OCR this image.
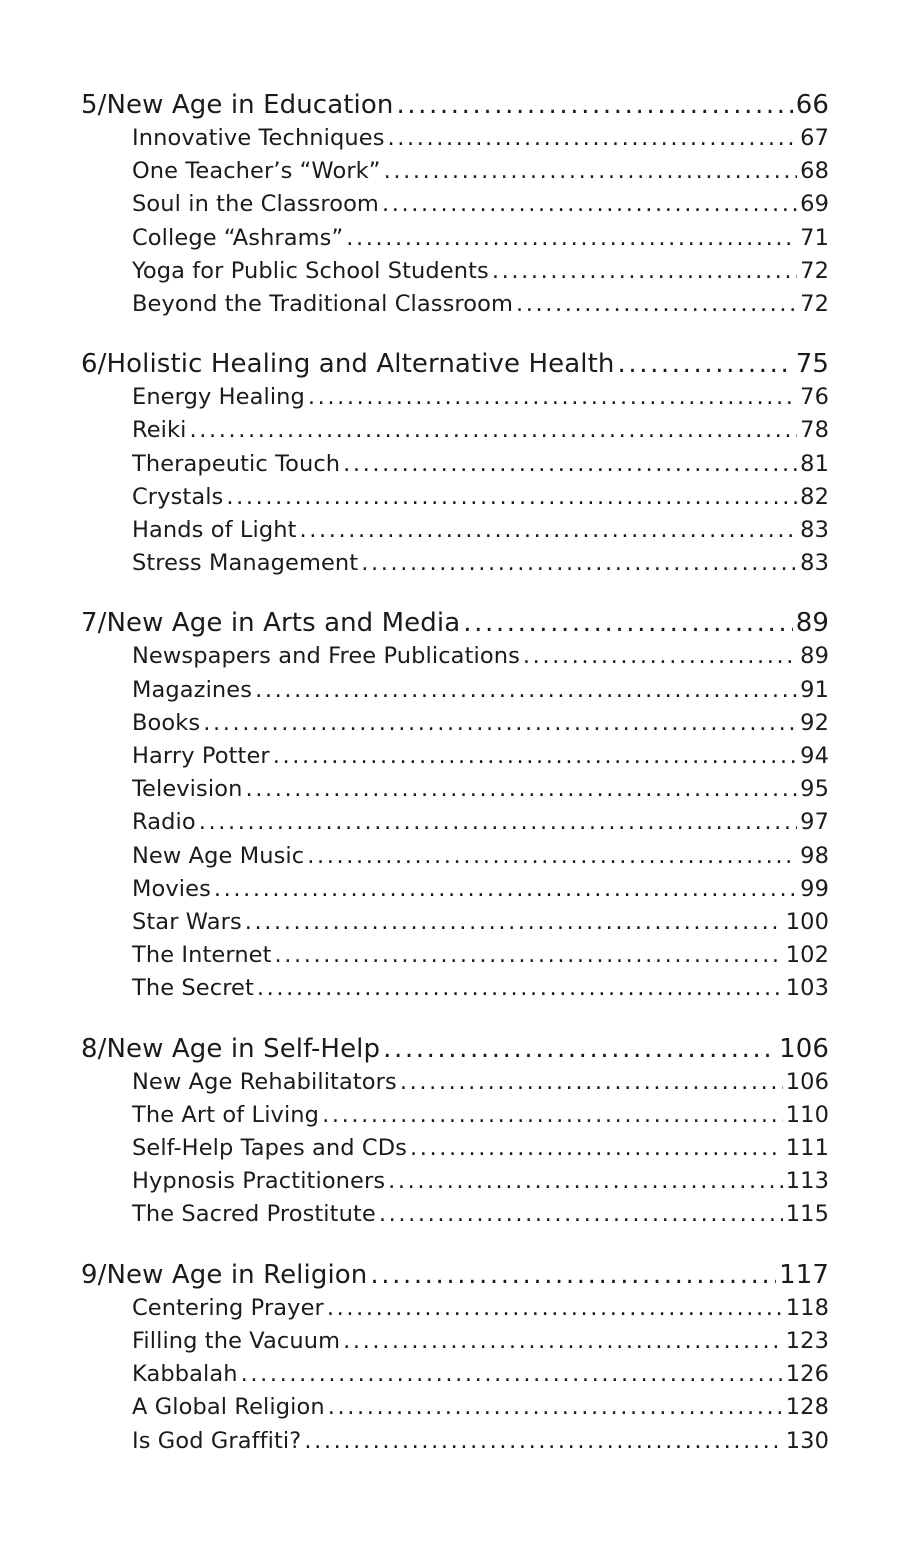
5/New Age in Education .....	66
Innovative Techniques .....	67
One Teacher’s “Work” .....	68
Soul in the Classroom .....	69
College “Ashrams” .....	71
Yoga for Public School Students .....	72
Beyond the Traditional Classroom .....	72
6/Holistic Healing and Alternative Health .....	75
Energy Healing .....	76
Reiki .....	78
Therapeutic Touch .....	81
Crystals .....	82
Hands of Light .....	83
Stress Management .....	83
7/New Age in Arts and Media .....	89
Newspapers and Free Publications .....	89
Magazines .....	91
Books .....	92
Harry Potter .....	94
Television .....	95
Radio .....	97
New Age Music .....	98
Movies .....	99
Star Wars .....	100
The Internet .....	102
The Secret .....	103
8/New Age in Self-Help .....	106
New Age Rehabilitators .....	106
The Art of Living .....	110
Self-Help Tapes and CDs .....	111
Hypnosis Practitioners .....	113
The Sacred Prostitute .....	115
9/New Age in Religion .....	117
Centering Prayer .....	118
Filling the Vacuum .....	123
Kabbalah .....	126
A Global Religion .....	128
Is God Graffiti? .....	130
